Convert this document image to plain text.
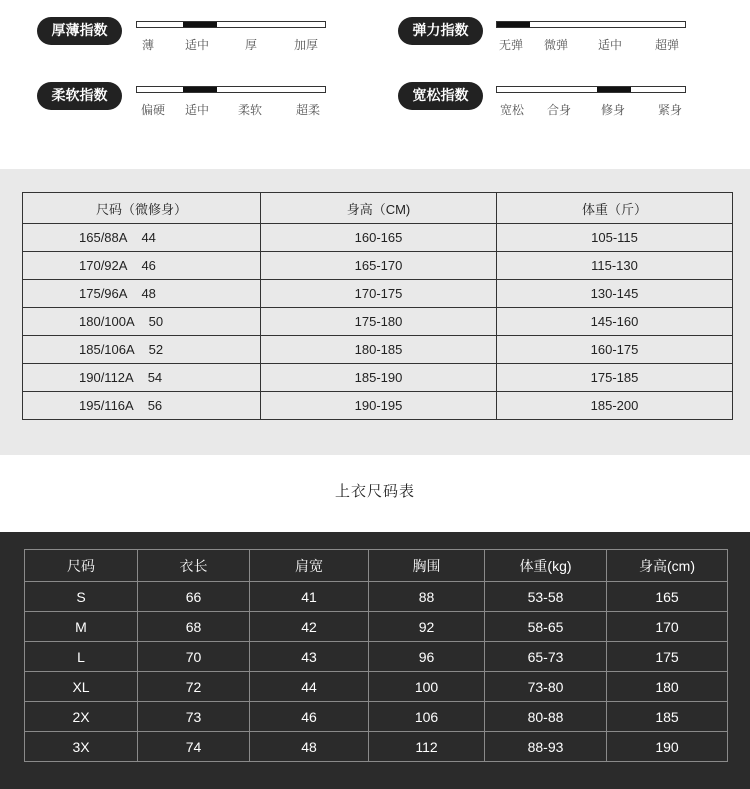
厚薄指数
薄	适中	厚	加厚
弹力指数
无弹	微弹	适中	超弹
柔软指数
偏硬	适中	柔软	超柔
宽松指数
宽松	合身	修身	紧身
尺码（微修身）	身高（CM)	体重（斤）
165/88A 44	160-165	105-115
170/92A 46	165-170	115-130
175/96A 48	170-175	130-145
180/100A 50	175-180	145-160
185/106A 52	180-185	160-175
190/112A 54	185-190	175-185
195/116A 56	190-195	185-200
上衣尺码表
尺码	衣长	肩宽	胸围	体重(kg)	身高(cm)
S	66	41	88	53-58	165
M	68	42	92	58-65	170
L	70	43	96	65-73	175
XL	72	44	100	73-80	180
2X	73	46	106	80-88	185
3X	74	48	112	88-93	190
